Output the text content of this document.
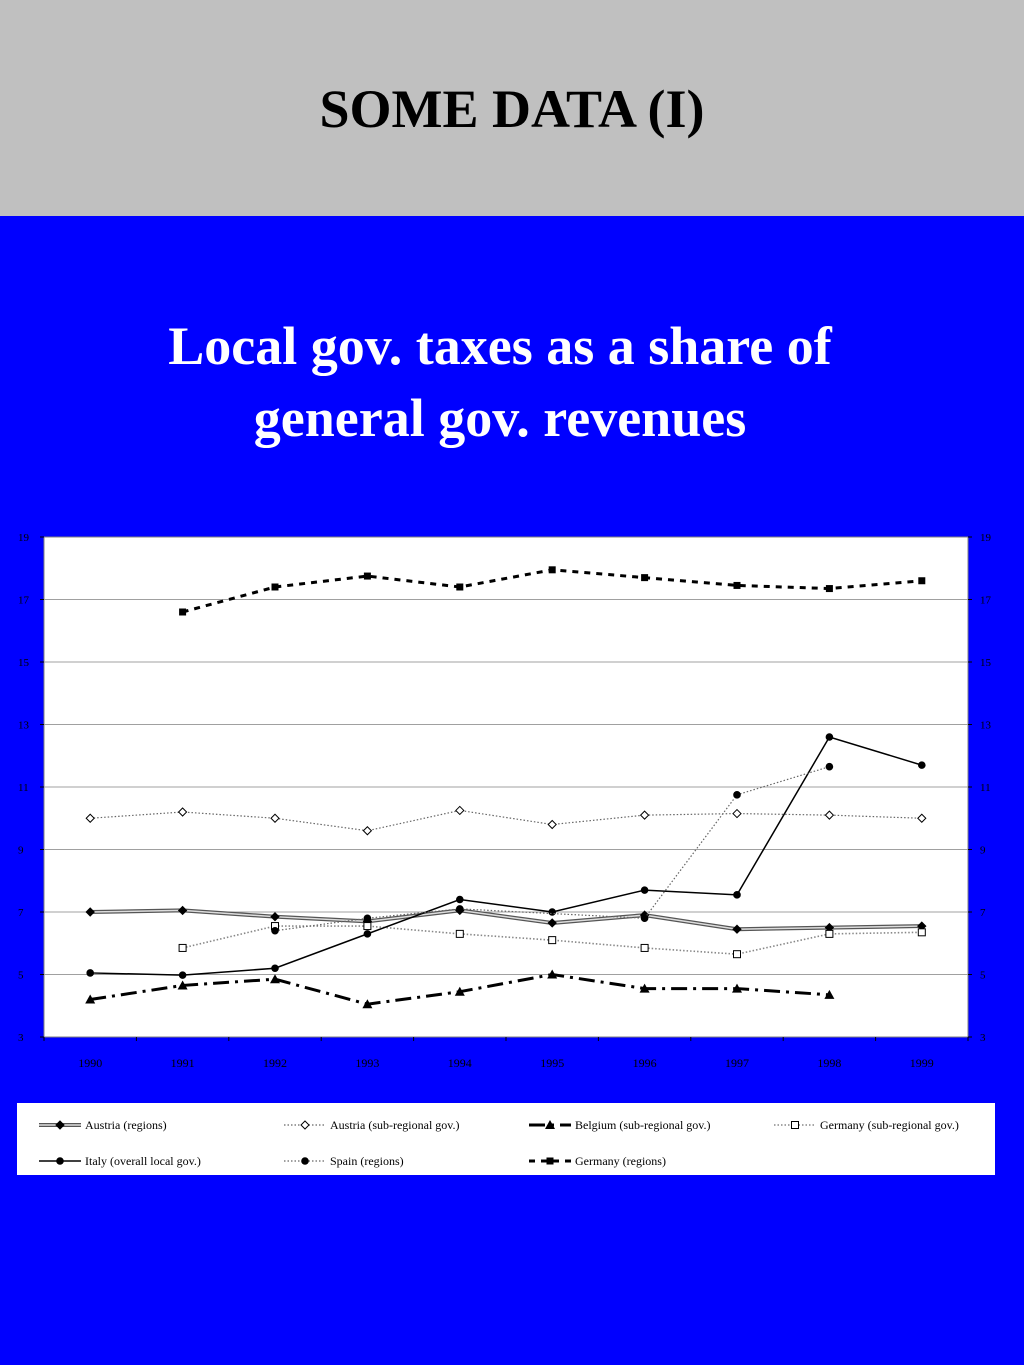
SOME DATA (I)
Local gov. taxes as a share of
general gov. revenues
3	3
5	5
7	7
9	9
11	11
13	13
15	15
17	17
19	19
1990	1991	1992	1993	1994	1995	1996	1997	1998	1999
Austria (regions)	Austria (sub-regional gov.)	Belgium (sub-regional gov.)	Germany (sub-regional gov.)
Italy (overall local gov.)	Spain (regions)	Germany (regions)
